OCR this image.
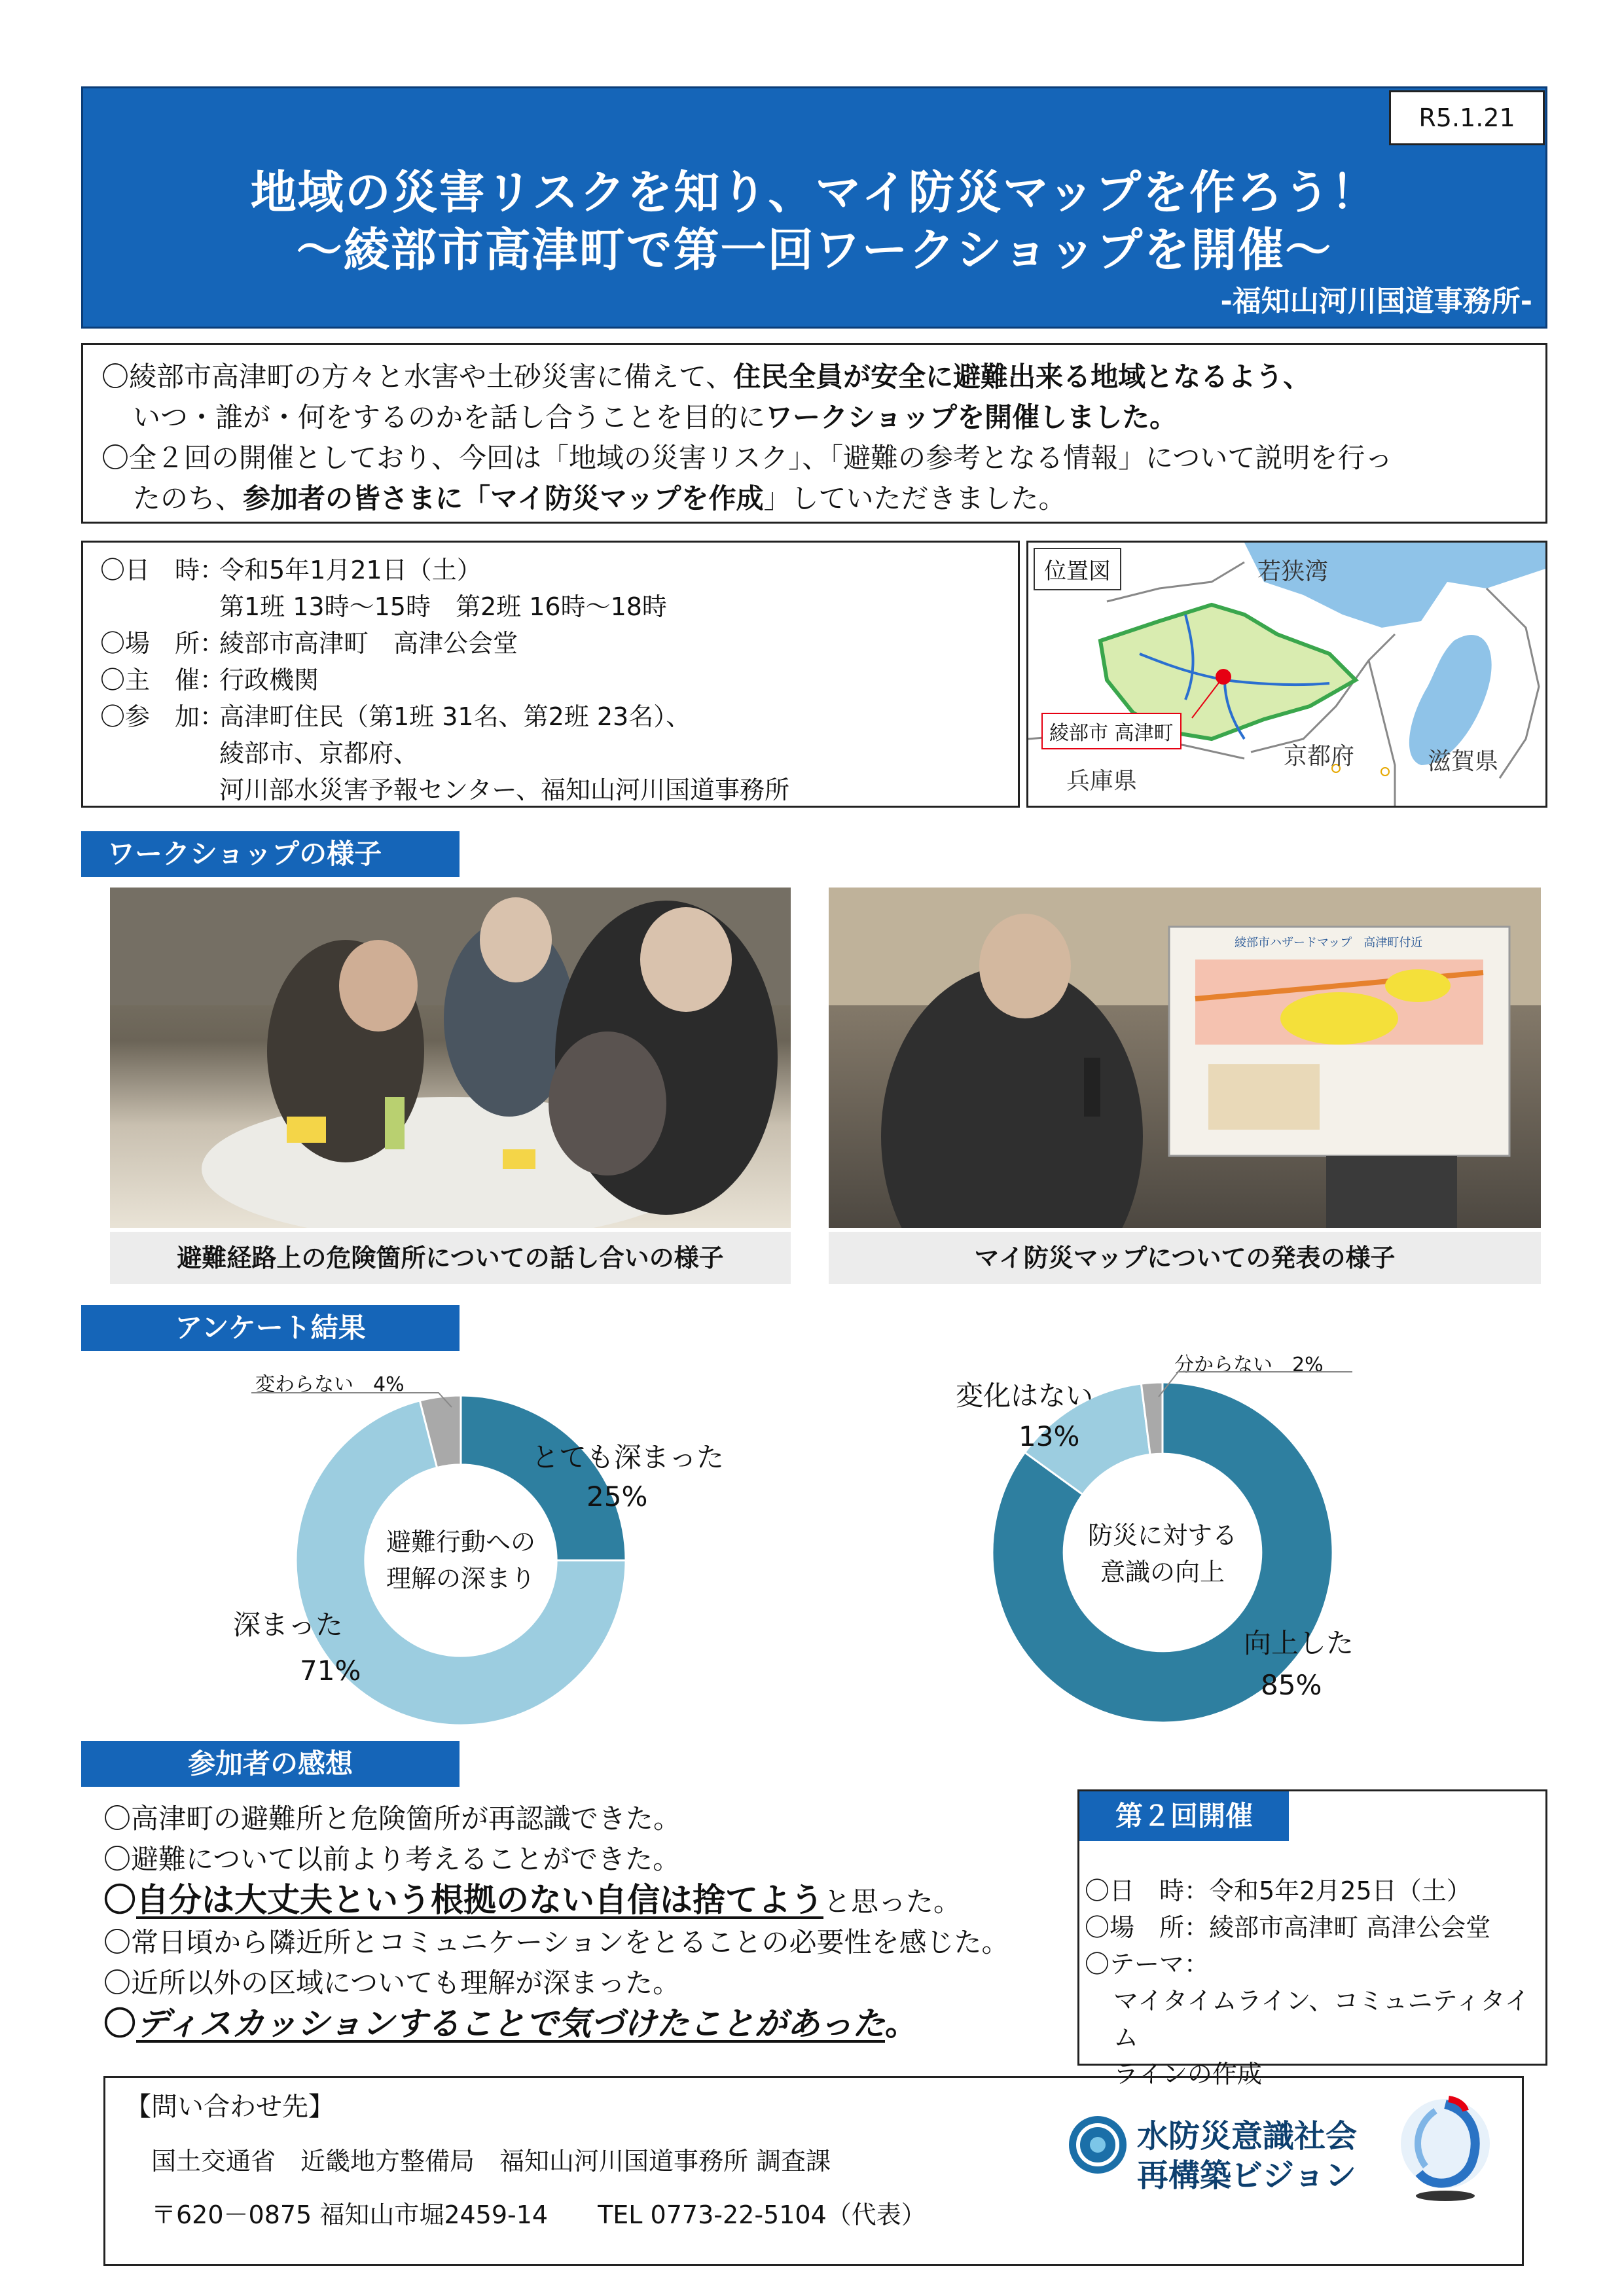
R5.1.21
地域の災害リスクを知り、マイ防災マップを作ろう！
～綾部市高津町で第一回ワークショップを開催～
-福知山河川国道事務所-

〇綾部市高津町の方々と水害や土砂災害に備えて、住民全員が安全に避難出来る地域となるよう、

いつ・誰が・何をするのかを話し合うことを目的にワークショップを開催しました。

〇全２回の開催としており、今回は「地域の災害リスク」、「避難の参考となる情報」について説明を行っ

たのち、参加者の皆さまに「マイ防災マップを作成」していただきました。

〇日　時：
令和5年1月21日（土）
第1班 13時～15時　第2班 16時～18時
〇場　所：
綾部市高津町　高津公会堂
〇主　催：
行政機関
〇参　加：
高津町住民（第1班 31名、第2班 23名）、
綾部市、京都府、
河川部水災害予報センター、福知山河川国道事務所
位置図	若狭湾
綾部市 高津町
兵庫県
京都府	滋賀県
ワークショップの様子
避難経路上の危険箇所についての話し合いの様子
綾部市ハザードマップ　高津町付近
マイ防災マップについての発表の様子
アンケート結果
避難行動への
理解の深まり
とても深まった
25%
深まった
71%
変わらない　4%
防災に対する
意識の向上
向上した
85%
変化はない
13%
分からない　2%
参加者の感想
〇高津町の避難所と危険箇所が再認識できた。
〇避難について以前より考えることができた。
〇自分は大丈夫という根拠のない自信は捨てようと思った。
〇常日頃から隣近所とコミュニケーションをとることの必要性を感じた。
〇近所以外の区域についても理解が深まった。
〇ディスカッションすることで気づけたことがあった。
第２回開催
〇日　時：令和5年2月25日（土）
〇場　所：綾部市高津町 高津公会堂
〇テーマ：
マイタイムライン、コミュニティタイム
ラインの作成
【問い合わせ先】
国土交通省　近畿地方整備局　福知山河川国道事務所 調査課
〒620－0875 福知山市堀2459-14　　TEL 0773-22-5104（代表）
水防災意識社会
再構築ビジョン
